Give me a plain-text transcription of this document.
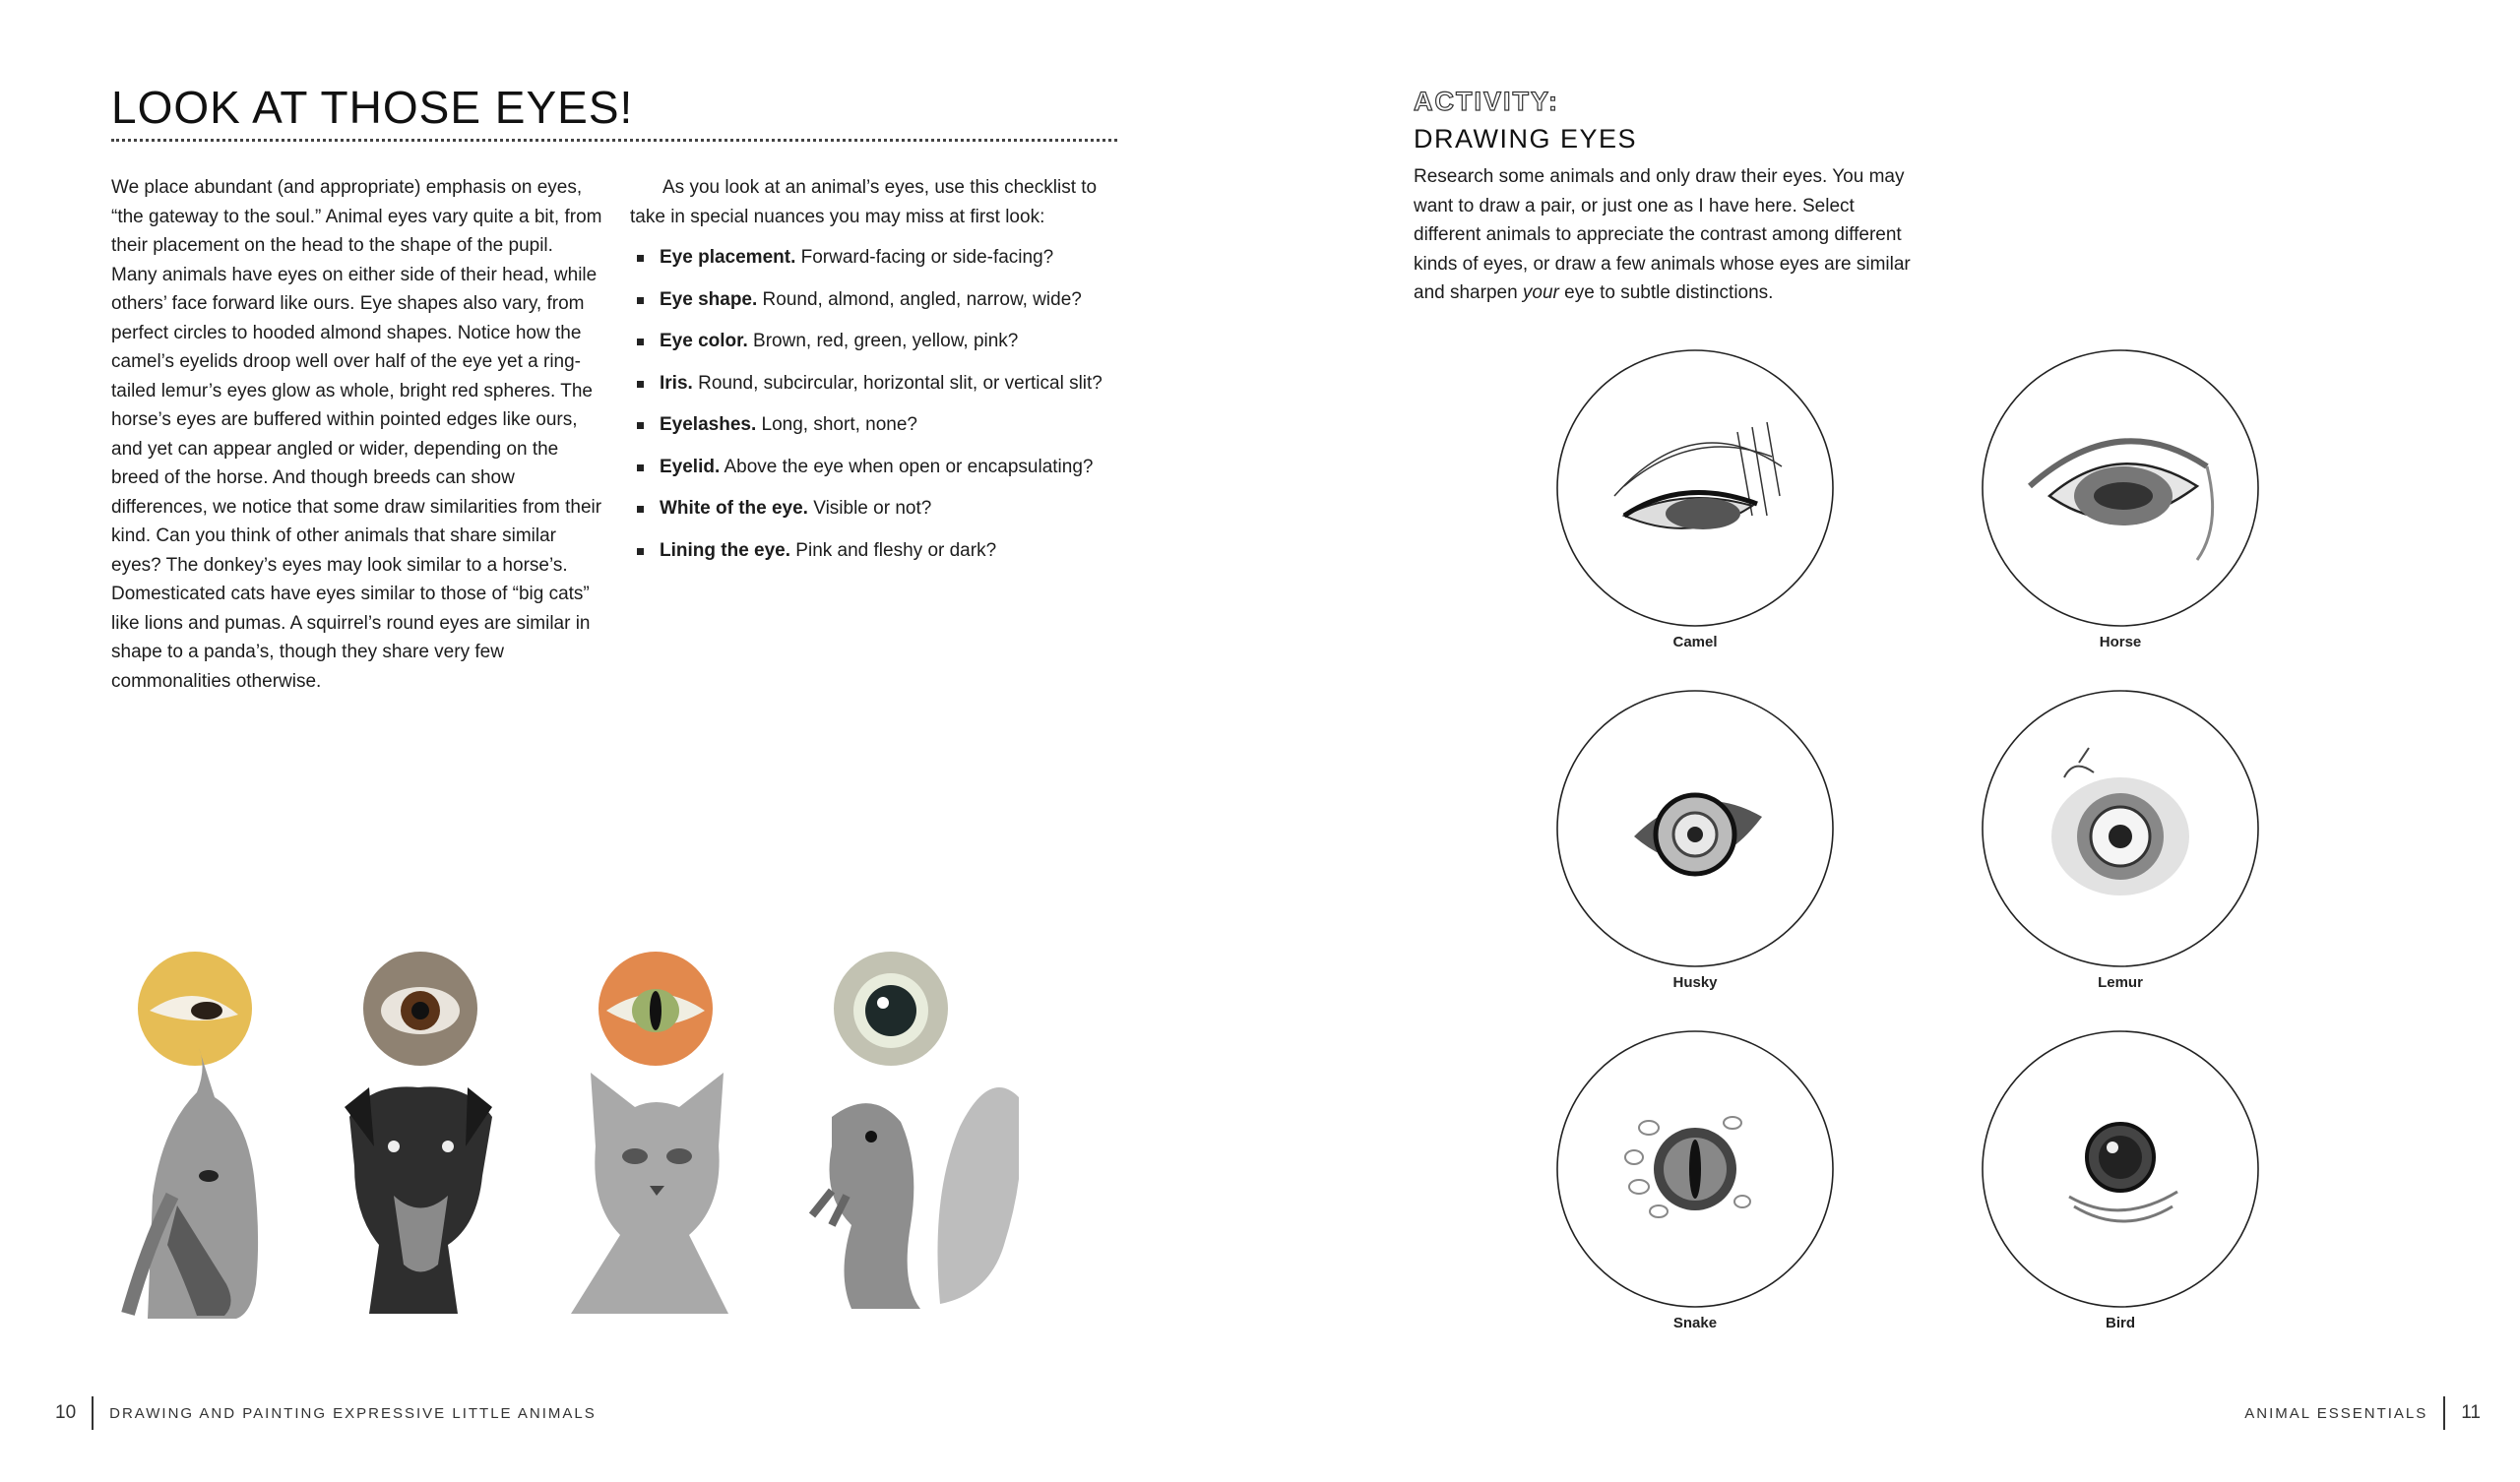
LOOK AT THOSE EYES!

We place abundant (and appropriate) emphasis on eyes, “the gateway to the soul.” Animal eyes vary quite a bit, from their placement on the head to the shape of the pupil. Many animals have eyes on either side of their head, while others’ face forward like ours. Eye shapes also vary, from perfect circles to hooded almond shapes. Notice how the camel’s eyelids droop well over half of the eye yet a ring-tailed lemur’s eyes glow as whole, bright red spheres. The horse’s eyes are buffered within pointed edges like ours, and yet can appear angled or wider, depending on the breed of the horse. And though breeds can show differences, we notice that some draw similarities from their kind. Can you think of other animals that share similar eyes? The donkey’s eyes may look similar to a horse’s. Domesticated cats have eyes similar to those of “big cats” like lions and pumas. A squirrel’s round eyes are similar in shape to a panda’s, though they share very few commonalities otherwise.

As you look at an animal’s eyes, use this checklist to take in special nuances you may miss at first look:

Eye placement. Forward-facing or side-facing?
Eye shape. Round, almond, angled, narrow, wide?
Eye color. Brown, red, green, yellow, pink?
Iris. Round, subcircular, horizontal slit, or vertical slit?
Eyelashes. Long, short, none?
Eyelid. Above the eye when open or encapsulating?
White of the eye. Visible or not?
Lining the eye. Pink and fleshy or dark?
ACTIVITY:
DRAWING EYES

Research some animals and only draw their eyes. You may want to draw a pair, or just one as I have here. Select different animals to appreciate the contrast among different kinds of eyes, or draw a few animals whose eyes are similar and sharpen your eye to subtle distinctions.

Camel	Horse
Husky	Lemur
Snake	Bird
10 DRAWING AND PAINTING EXPRESSIVE LITTLE ANIMALS	ANIMAL ESSENTIALS 11
